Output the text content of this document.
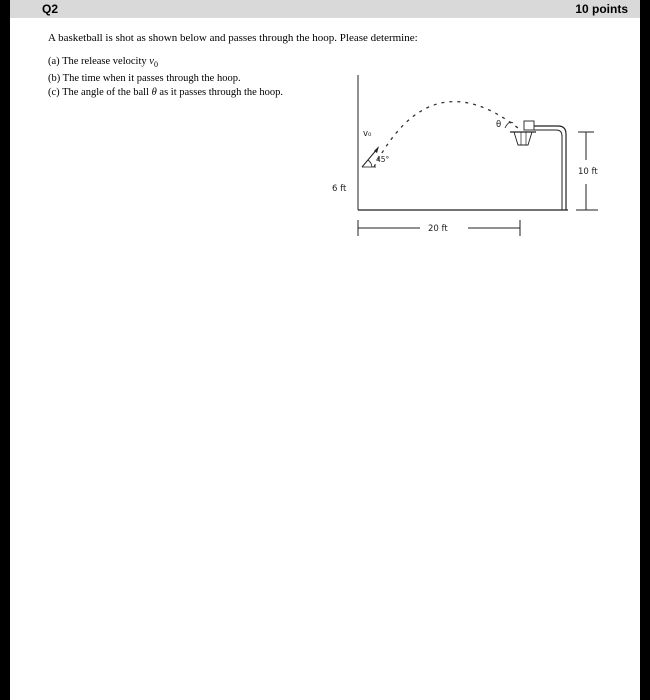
Q2	10 points
A basketball is shot as shown below and passes through the hoop. Please determine:
(a) The release velocity $v_0$
(b) The time when it passes through the hoop.
(c) The angle of the ball θ as it passes through the hoop.
v₀
45°
6 ft
θ
10 ft
20 ft
